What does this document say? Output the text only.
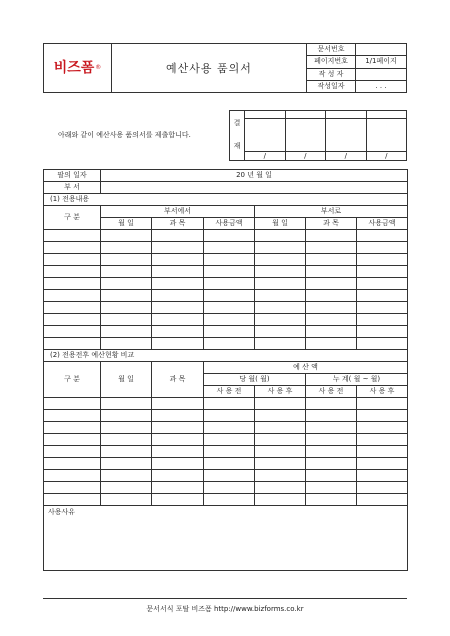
비즈폼 ®	예산사용 품의서	문서번호	
		페이지번호	1/1페이지
		작 성 자	
		작성일자	. . .
아래와 같이 예산사용 품의서를 제출합니다.
결

재				

	/	/	/	/
팔의 일자	20 년 월 일					
부 서						
(1) 전용내용						
구 분	부서에서			부서로		
	월 일	과 목	사용금액	월 일	과 목	사용금액

(2) 전용전후 예산현황 비교						
구 분	월 일	과 목	예 산 액			
			당 월( 월)		누 계( 월 ~ 월)	
			사 용 전	사 용 후	사 용 전	사 용 후

사용사유						
문서서식 포탈 비즈폼 http://www.bizforms.co.kr
